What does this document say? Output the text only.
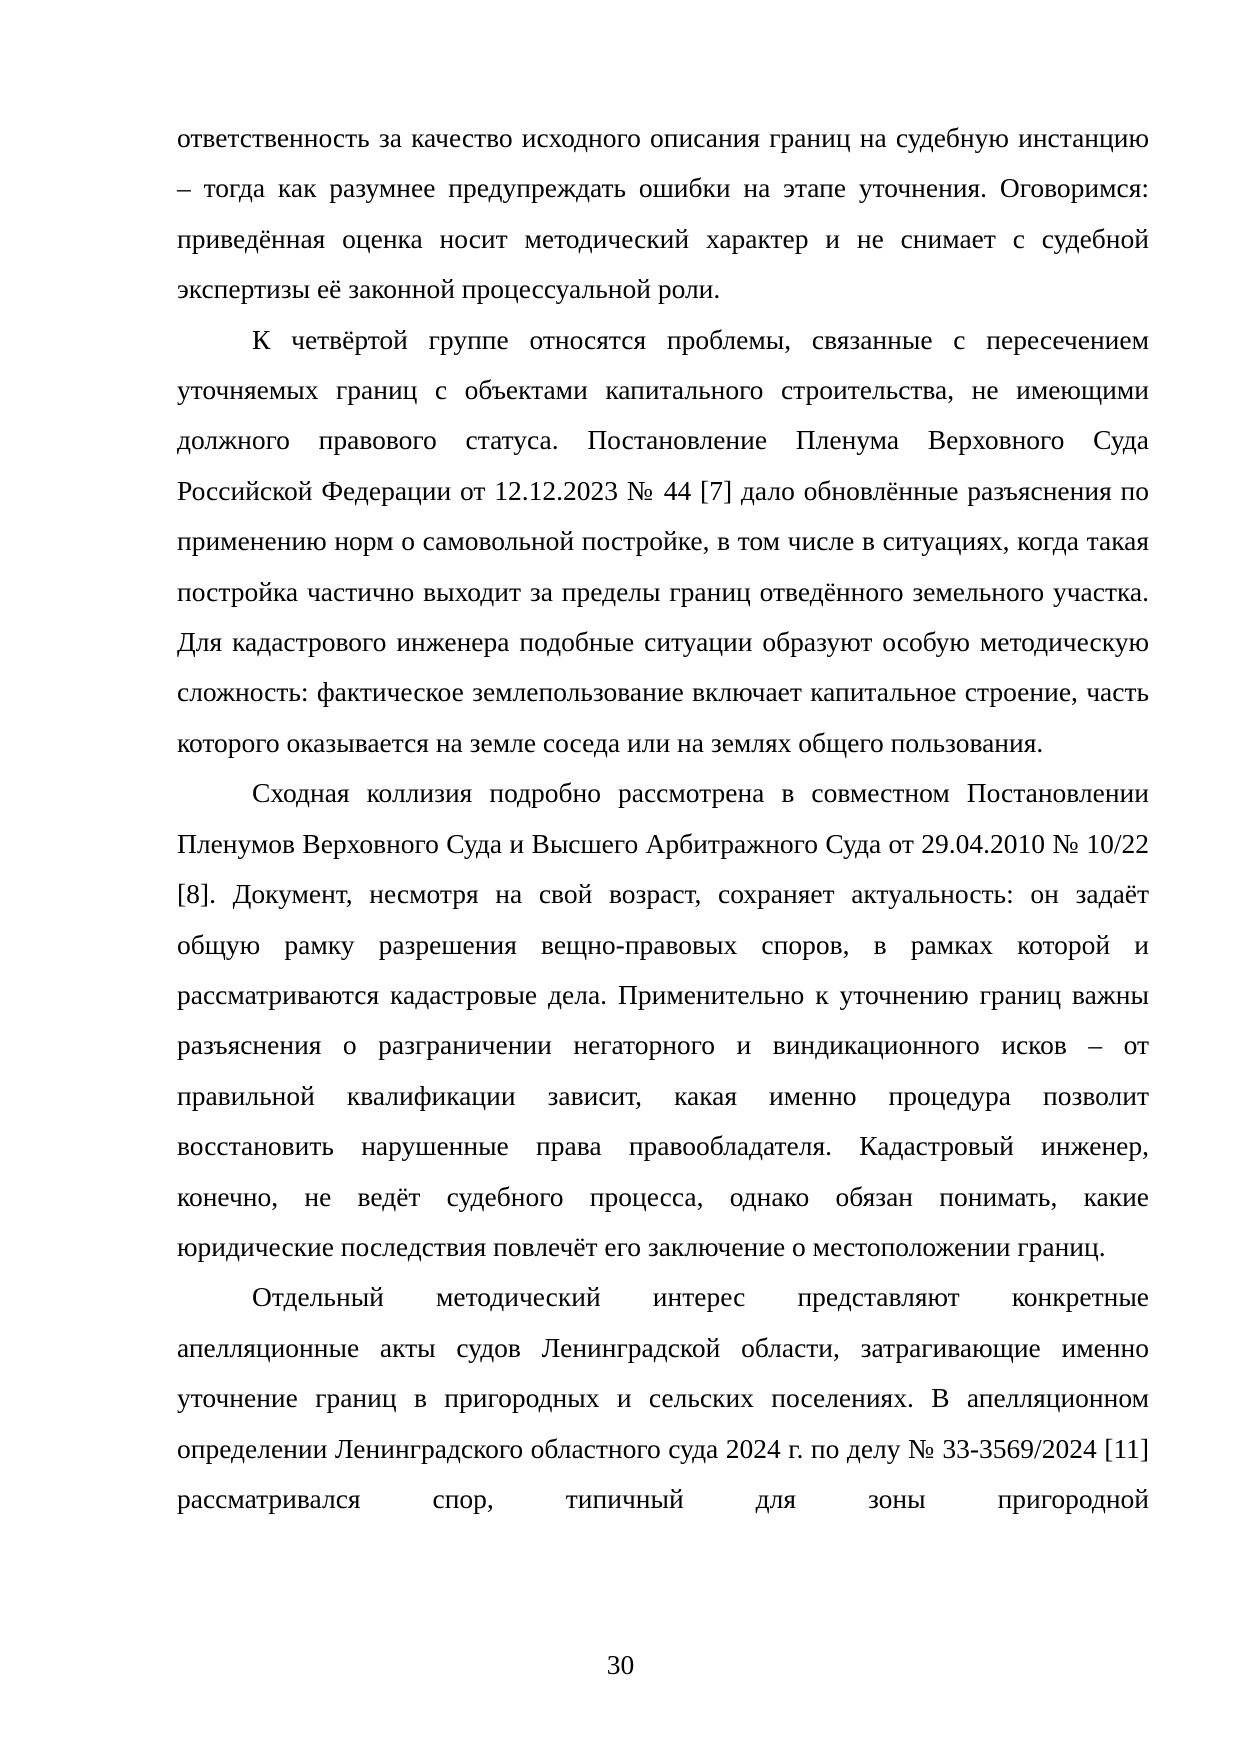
ответственность за качество исходного описания границ на судебную инстанцию – тогда как разумнее предупреждать ошибки на этапе уточнения. Оговоримся: приведённая оценка носит методический характер и не снимает с судебной экспертизы её законной процессуальной роли.

К четвёртой группе относятся проблемы, связанные с пересечением уточняемых границ с объектами капитального строительства, не имеющими должного правового статуса. Постановление Пленума Верховного Суда Российской Федерации от 12.12.2023 № 44 [7] дало обновлённые разъяснения по применению норм о самовольной постройке, в том числе в ситуациях, когда такая постройка частично выходит за пределы границ отведённого земельного участка. Для кадастрового инженера подобные ситуации образуют особую методическую сложность: фактическое землепользование включает капитальное строение, часть которого оказывается на земле соседа или на землях общего пользования.

Сходная коллизия подробно рассмотрена в совместном Постановлении Пленумов Верховного Суда и Высшего Арбитражного Суда от 29.04.2010 № 10/22 [8]. Документ, несмотря на свой возраст, сохраняет актуальность: он задаёт общую рамку разрешения вещно-правовых споров, в рамках которой и рассматриваются кадастровые дела. Применительно к уточнению границ важны разъяснения о разграничении негаторного и виндикационного исков – от правильной квалификации зависит, какая именно процедура позволит восстановить нарушенные права правообладателя. Кадастровый инженер, конечно, не ведёт судебного процесса, однако обязан понимать, какие юридические последствия повлечёт его заключение о местоположении границ.

Отдельный методический интерес представляют конкретные апелляционные акты судов Ленинградской области, затрагивающие именно уточнение границ в пригородных и сельских поселениях. В апелляционном определении Ленинградского областного суда 2024 г. по делу № 33-3569/2024 [11] рассматривался спор, типичный для зоны пригородной

30
